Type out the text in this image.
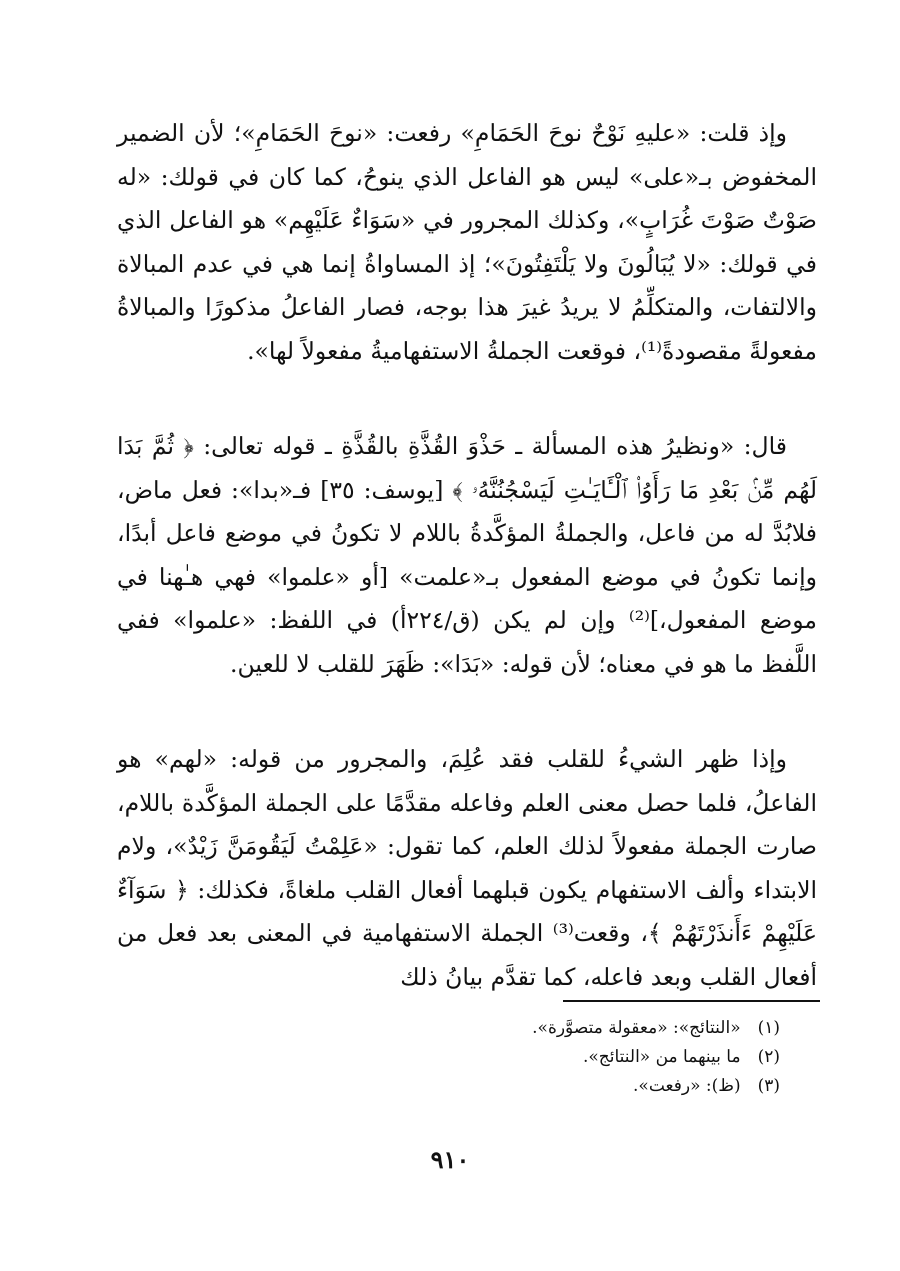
وإذ قلت: «عليهِ نَوْحٌ نوحَ الحَمَامِ» رفعت: «نوحَ الحَمَامِ»؛ لأن الضمير المخفوض بـ«على» ليس هو الفاعل الذي ينوحُ، كما كان في قولك: «له صَوْتٌ صَوْتَ غُرَابٍ»، وكذلك المجرور في «سَوَاءٌ عَلَيْهِم» هو الفاعل الذي في قولك: «لا يُبَالُونَ ولا يَلْتَفِتُونَ»؛ إذ المساواةُ إنما هي في عدم المبالاة والالتفات، والمتكلِّمُ لا يريدُ غيرَ هذا بوجه، فصار الفاعلُ مذكورًا والمبالاةُ مفعولةً مقصودةً⁽¹⁾، فوقعت الجملةُ الاستفهاميةُ مفعولاً لها».

قال: «ونظيرُ هذه المسألة ـ حَذْوَ القُذَّةِ بالقُذَّةِ ـ قوله تعالى: ﴿ ثُمَّ بَدَا لَهُم مِّنۢ بَعْدِ مَا رَأَوُا۟ ٱلْـَٔايَـٰتِ لَيَسْجُنُنَّهُۥ ﴾ [يوسف: ٣٥] فـ«بدا»: فعل ماض، فلابُدَّ له من فاعل، والجملةُ المؤكَّدةُ باللام لا تكونُ في موضع فاعل أبدًا، وإنما تكونُ في موضع المفعول بـ«علمت» [أو «علموا» فهي هـٰهنا في موضع المفعول،]⁽²⁾ وإن لم يكن (ق/٢٢٤أ) في اللفظ: «علموا» ففي اللَّفظ ما هو في معناه؛ لأن قوله: «بَدَا»: ظَهَرَ للقلب لا للعين.

وإذا ظهر الشيءُ للقلب فقد عُلِمَ، والمجرور من قوله: «لهم» هو الفاعلُ، فلما حصل معنى العلم وفاعله مقدَّمًا على الجملة المؤكَّدة باللام، صارت الجملة مفعولاً لذلك العلم، كما تقول: «عَلِمْتُ لَيَقُومَنَّ زَيْدٌ»، ولام الابتداء وألف الاستفهام يكون قبلهما أفعال القلب ملغاةً، فكذلك: ﴿ سَوَآءٌ عَلَيْهِمْ ءَأَنذَرْتَهُمْ ﴾، وقعت⁽³⁾ الجملة الاستفهامية في المعنى بعد فعل من أفعال القلب وبعد فاعله، كما تقدَّم بيانُ ذلك

(١) «النتائج»: «معقولة متصوَّرة».
(٢) ما بينهما من «النتائج».
(٣) (ظ): «رفعت».
٩١٠
